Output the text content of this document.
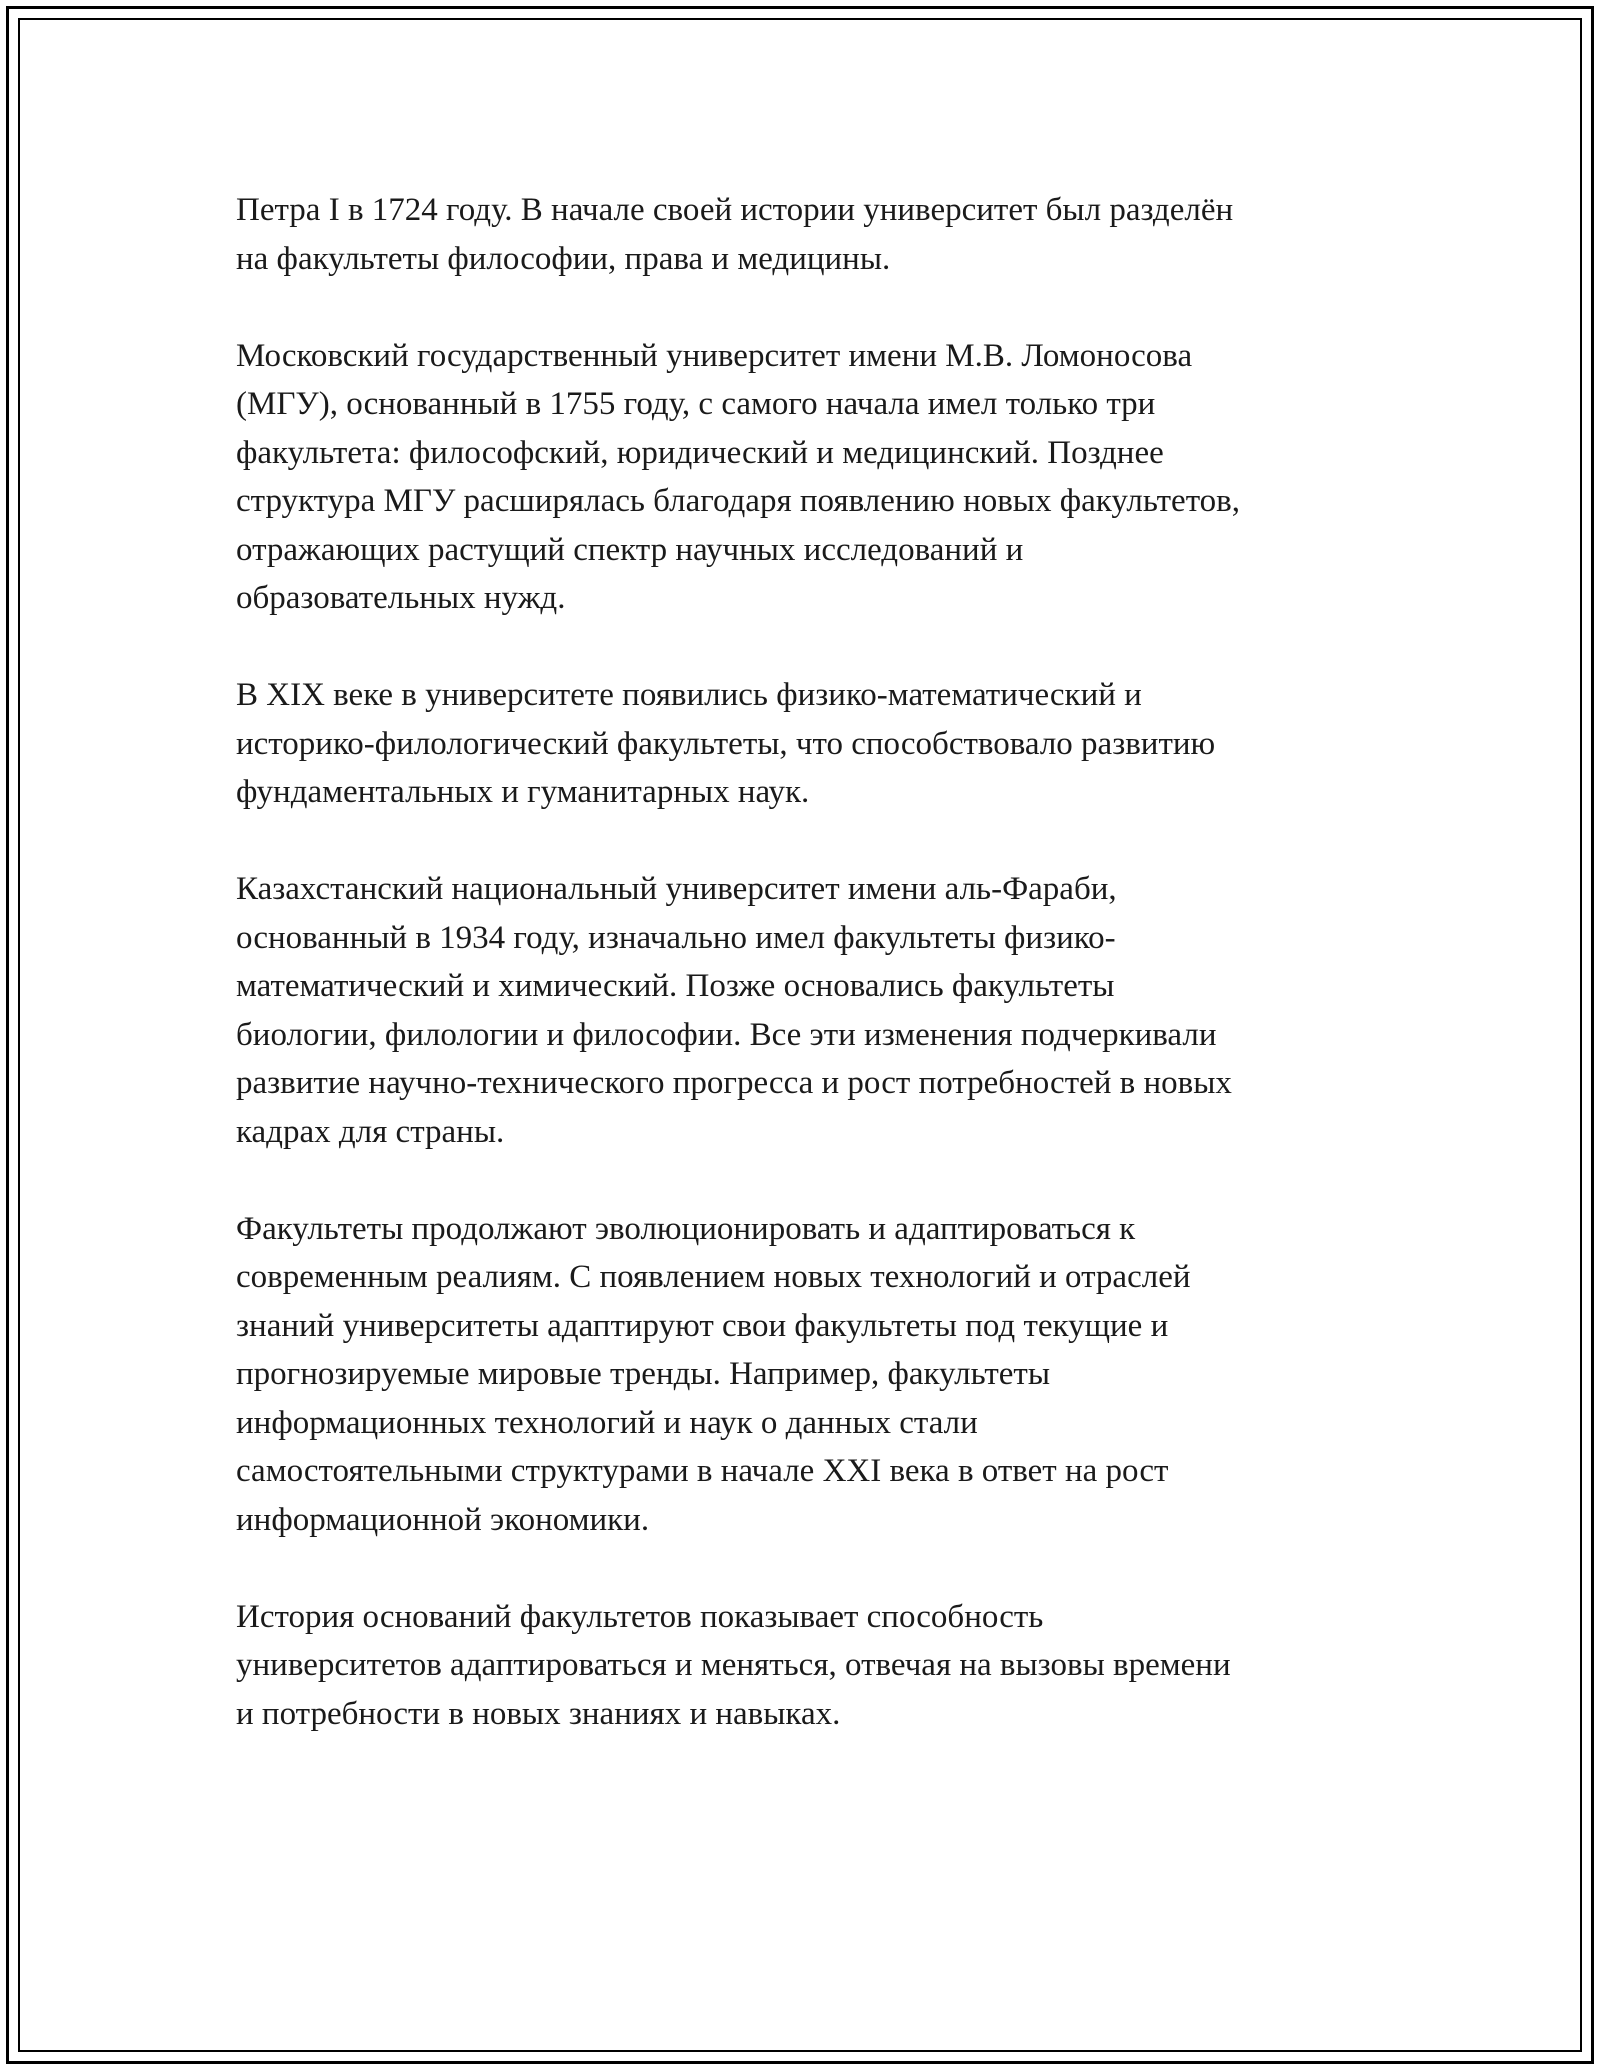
Петра I в 1724 году. В начале своей истории университет был разделён
на факультеты философии, права и медицины.

Московский государственный университет имени М.В. Ломоносова
(МГУ), основанный в 1755 году, с самого начала имел только три
факультета: философский, юридический и медицинский. Позднее
структура МГУ расширялась благодаря появлению новых факультетов,
отражающих растущий спектр научных исследований и
образовательных нужд.

В XIX веке в университете появились физико-математический и
историко-филологический факультеты, что способствовало развитию
фундаментальных и гуманитарных наук.

Казахстанский национальный университет имени аль-Фараби,
основанный в 1934 году, изначально имел факультеты физико-
математический и химический. Позже основались факультеты
биологии, филологии и философии. Все эти изменения подчеркивали
развитие научно-технического прогресса и рост потребностей в новых
кадрах для страны.

Факультеты продолжают эволюционировать и адаптироваться к
современным реалиям. С появлением новых технологий и отраслей
знаний университеты адаптируют свои факультеты под текущие и
прогнозируемые мировые тренды. Например, факультеты
информационных технологий и наук о данных стали
самостоятельными структурами в начале XXI века в ответ на рост
информационной экономики.

История оснований факультетов показывает способность
университетов адаптироваться и меняться, отвечая на вызовы времени
и потребности в новых знаниях и навыках.
